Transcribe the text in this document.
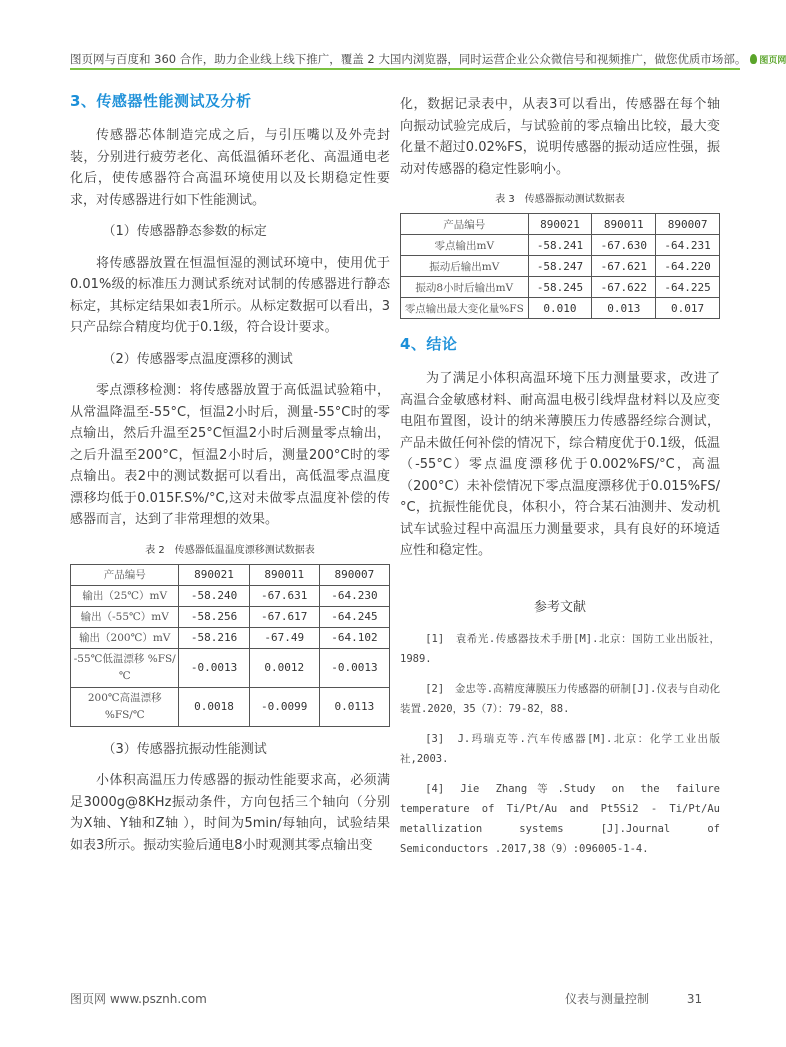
图页网与百度和 360 合作，助力企业线上线下推广，覆盖 2 大国内浏览器，同时运营企业公众微信号和视频推广，做您优质市场部。 图页网
3、传感器性能测试及分析

传感器芯体制造完成之后，与引压嘴以及外壳封装，分别进行疲劳老化、高低温循环老化、高温通电老化后，使传感器符合高温环境使用以及长期稳定性要求，对传感器进行如下性能测试。

（1）传感器静态参数的标定

将传感器放置在恒温恒湿的测试环境中，使用优于0.01%级的标准压力测试系统对试制的传感器进行静态标定，其标定结果如表1所示。从标定数据可以看出，3只产品综合精度均优于0.1级，符合设计要求。

（2）传感器零点温度漂移的测试

零点漂移检测：将传感器放置于高低温试验箱中，从常温降温至-55°C，恒温2小时后，测量-55°C时的零点输出，然后升温至25°C恒温2小时后测量零点输出，之后升温至200°C，恒温2小时后，测量200°C时的零点输出。表2中的测试数据可以看出，高低温零点温度漂移均低于0.015F.S%/°C,这对未做零点温度补偿的传感器而言，达到了非常理想的效果。

表 2　传感器低温温度漂移测试数据表
产品编号	890021	890011	890007
输出（25℃）mV	-58.240	-67.631	-64.230
输出（-55℃）mV	-58.256	-67.617	-64.245
输出（200℃）mV	-58.216	-67.49	-64.102
-55℃低温漂移 %FS/℃	-0.0013	0.0012	-0.0013
200℃高温漂移 %FS/℃	0.0018	-0.0099	0.0113

（3）传感器抗振动性能测试

小体积高温压力传感器的振动性能要求高，必须满足3000g@8KHz振动条件，方向包括三个轴向（分别为X轴、Y轴和Z轴 ），时间为5min/每轴向，试验结果如表3所示。振动实验后通电8小时观测其零点输出变

化，数据记录表中，从表3可以看出，传感器在每个轴向振动试验完成后，与试验前的零点输出比较，最大变化量不超过0.02%FS，说明传感器的振动适应性强，振动对传感器的稳定性影响小。

表 3　传感器振动测试数据表
产品编号	890021	890011	890007
零点输出mV	-58.241	-67.630	-64.231
振动后输出mV	-58.247	-67.621	-64.220
振动8小时后输出mV	-58.245	-67.622	-64.225
零点输出最大变化量%FS	0.010	0.013	0.017
4、结论

为了满足小体积高温环境下压力测量要求，改进了高温合金敏感材料、耐高温电极引线焊盘材料以及应变电阻布置图，设计的纳米薄膜压力传感器经综合测试，产品未做任何补偿的情况下，综合精度优于0.1级，低温（-55°C）零点温度漂移优于0.002%FS/°C，高温（200°C）未补偿情况下零点温度漂移优于0.015%FS/°C，抗振性能优良，体积小，符合某石油测井、发动机试车试验过程中高温压力测量要求，具有良好的环境适应性和稳定性。

参考文献
[1]　袁希光.传感器技术手册[M].北京：国防工业出版社，1989.
[2]　金忠等.高精度薄膜压力传感器的研制[J].仪表与自动化装置.2020，35（7）：79-82，88.
[3]　J.玛瑞克等.汽车传感器[M].北京：化学工业出版社,2003.
[4] Jie Zhang等.Study on the failure temperature of Ti/Pt/Au and Pt5Si2 - Ti/Pt/Au metallization systems [J].Journal of Semiconductors .2017,38（9）:096005-1-4.
图页网 www.psznh.com	仪表与测量控制	31
